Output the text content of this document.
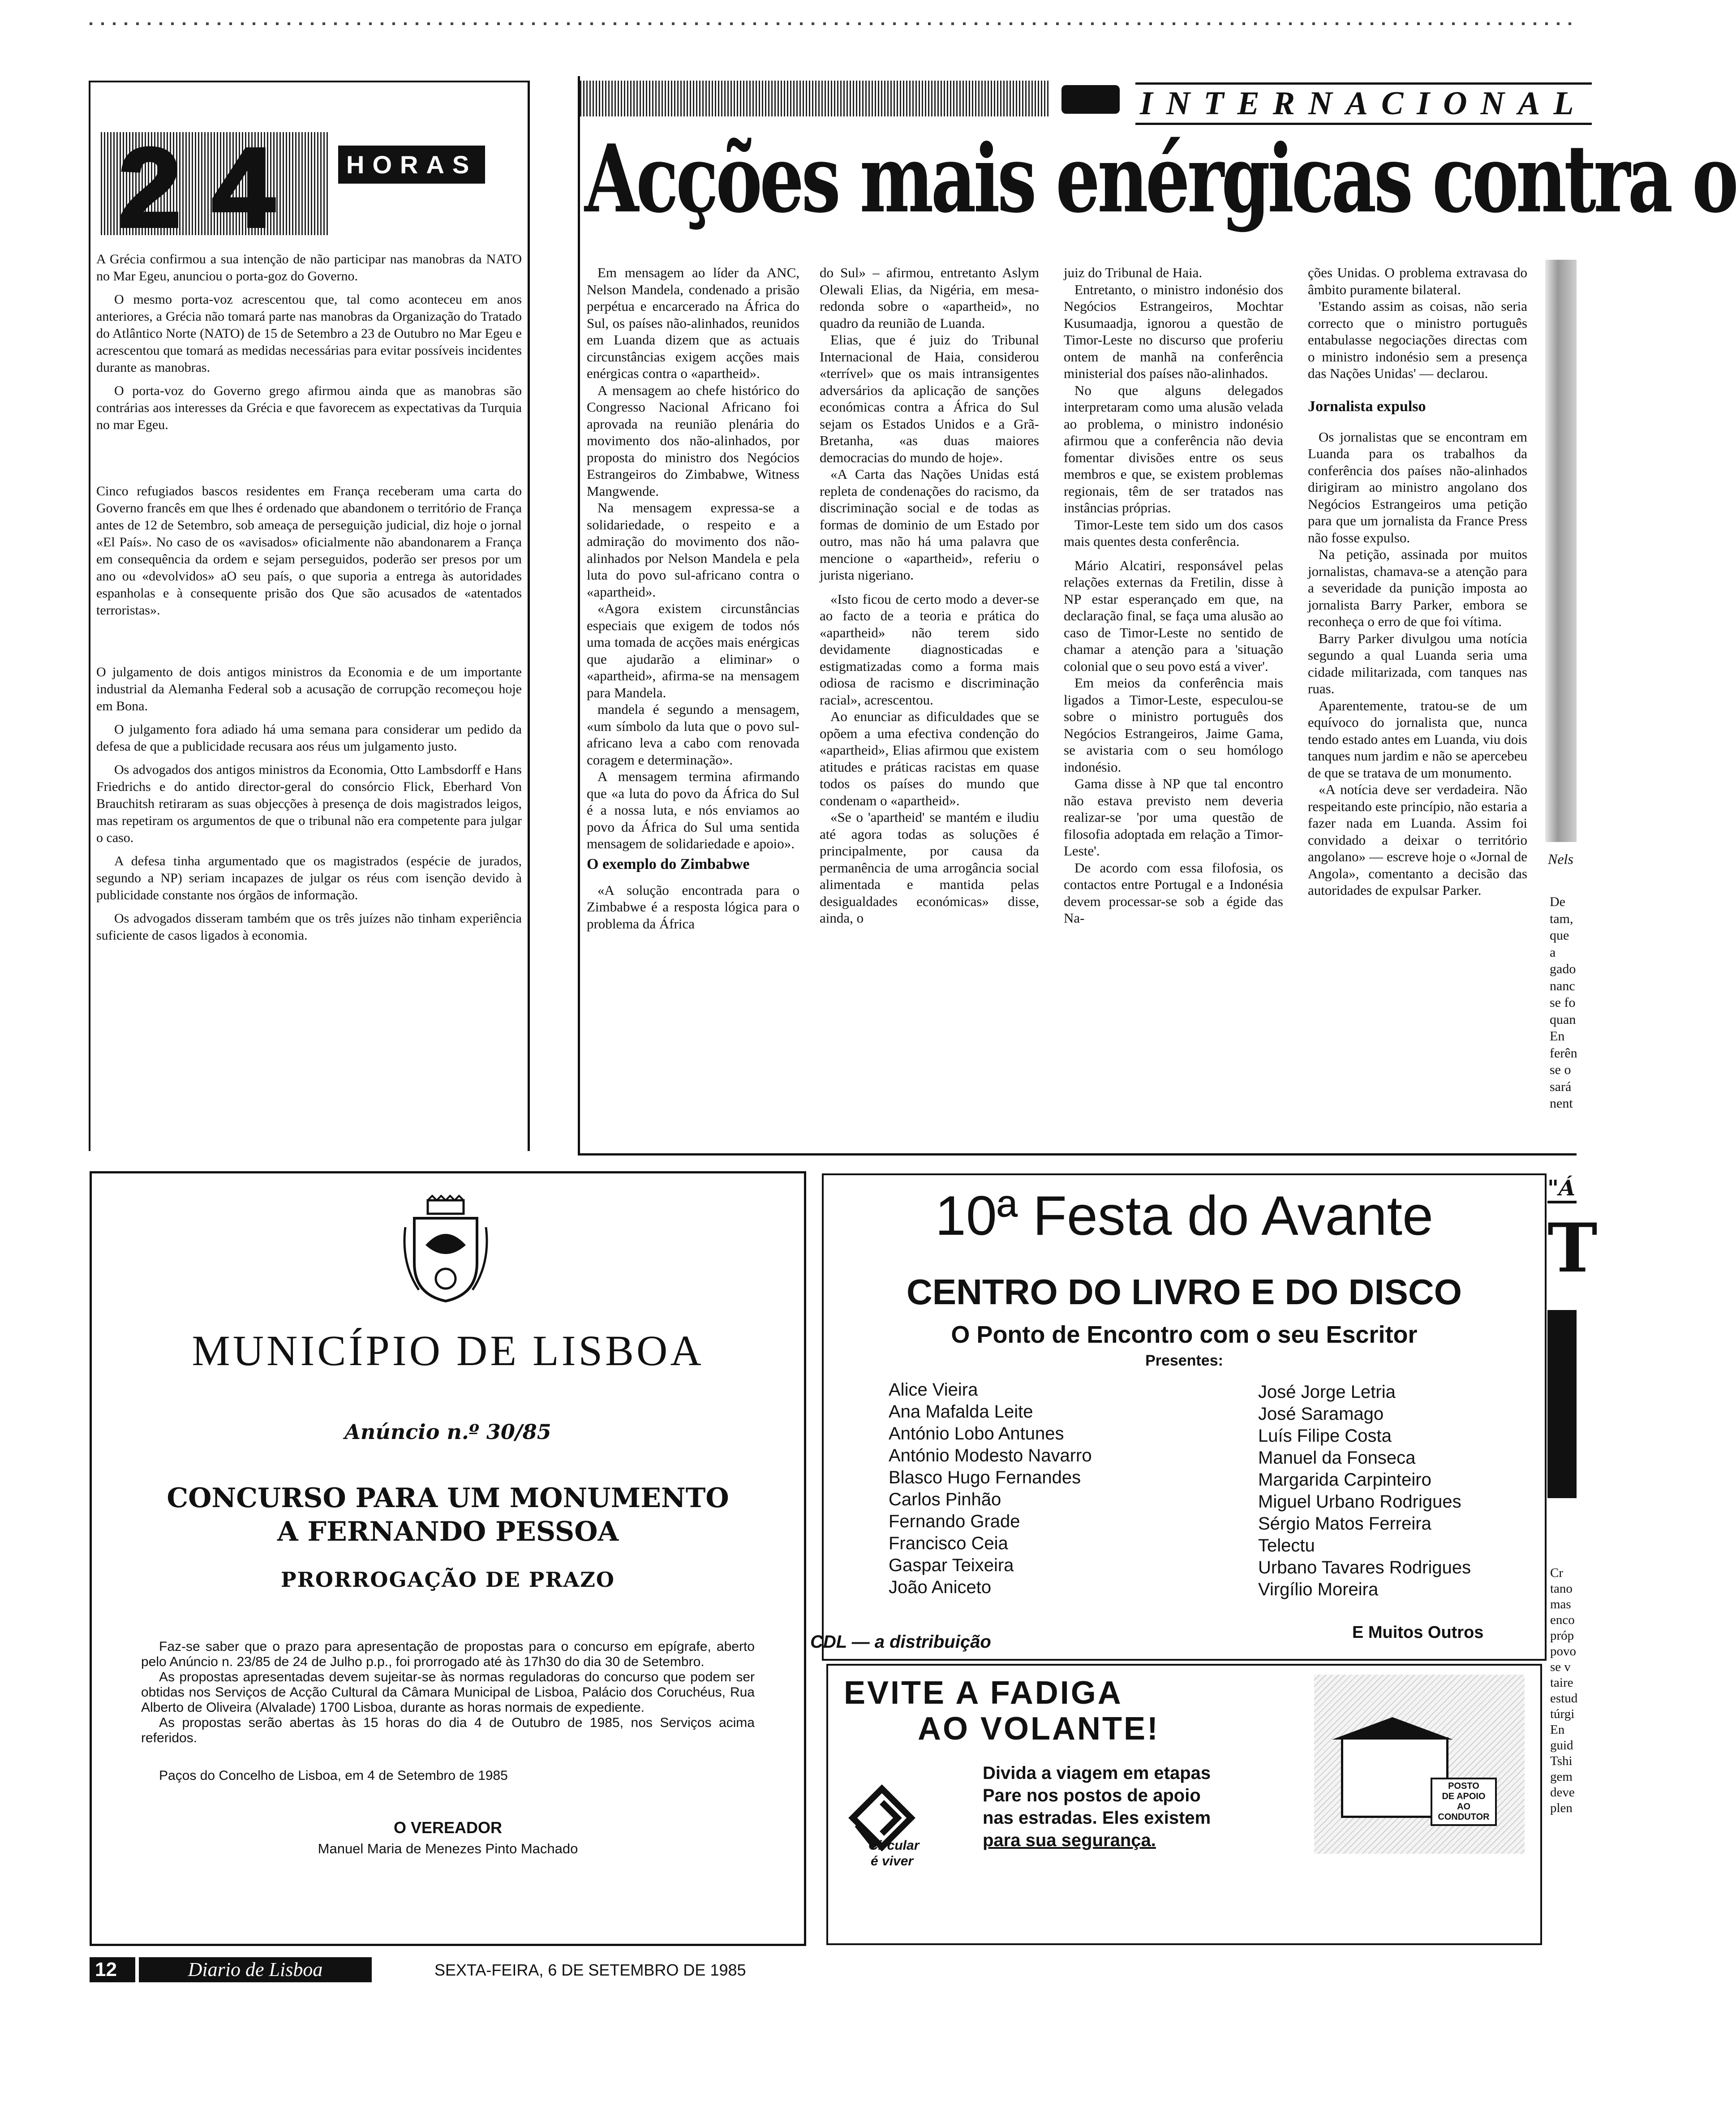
24	HORAS

A Grécia confirmou a sua intenção de não participar nas manobras da NATO no Mar Egeu, anunciou o porta-goz do Governo.

O mesmo porta-voz acrescentou que, tal como aconteceu em anos anteriores, a Grécia não tomará parte nas manobras da Organização do Tratado do Atlântico Norte (NATO) de 15 de Setembro a 23 de Outubro no Mar Egeu e acrescentou que tomará as medidas necessárias para evitar possíveis incidentes durante as manobras.

O porta-voz do Governo grego afirmou ainda que as manobras são contrárias aos interesses da Grécia e que favorecem as expectativas da Turquia no mar Egeu.

Cinco refugiados bascos residentes em França receberam uma carta do Governo francês em que lhes é ordenado que abandonem o território de França antes de 12 de Setembro, sob ameaça de perseguição judicial, diz hoje o jornal «El País». No caso de os «avisados» oficialmente não abandonarem a França em consequência da ordem e sejam perseguidos, poderão ser presos por um ano ou «devolvidos» aO seu país, o que suporia a entrega às autoridades espanholas e à consequente prisão dos Que são acusados de «atentados terroristas».

O julgamento de dois antigos ministros da Economia e de um importante industrial da Alemanha Federal sob a acusação de corrupção recomeçou hoje em Bona.

O julgamento fora adiado há uma semana para considerar um pedido da defesa de que a publicidade recusara aos réus um julgamento justo.

Os advogados dos antigos ministros da Economia, Otto Lambsdorff e Hans Friedrichs e do antido director-geral do consórcio Flick, Eberhard Von Brauchitsh retiraram as suas objecções à presença de dois magistrados leigos, mas repetiram os argumentos de que o tribunal não era competente para julgar o caso.

A defesa tinha argumentado que os magistrados (espécie de jurados, segundo a NP) seriam incapazes de julgar os réus com isenção devido à publicidade constante nos órgãos de informação.

Os advogados disseram também que os três juízes não tinham experiência suficiente de casos ligados à economia.

INTERNACIONAL
Acções mais enérgicas contra o

Em mensagem ao líder da ANC, Nelson Mandela, condenado a prisão perpétua e encarcerado na África do Sul, os países não-alinhados, reunidos em Luanda dizem que as actuais circunstâncias exigem acções mais enérgicas contra o «apartheid».

A mensagem ao chefe histórico do Congresso Nacional Africano foi aprovada na reunião plenária do movimento dos não-alinhados, por proposta do ministro dos Negócios Estrangeiros do Zimbabwe, Witness Mangwende.

Na mensagem expressa-se a solidariedade, o respeito e a admiração do movimento dos não-alinhados por Nelson Mandela e pela luta do povo sul-africano contra o «apartheid».

«Agora existem circunstâncias especiais que exigem de todos nós uma tomada de acções mais enérgicas que ajudarão a eliminar» o «apartheid», afirma-se na mensagem para Mandela.

mandela é segundo a mensagem, «um símbolo da luta que o povo sul-africano leva a cabo com renovada coragem e determinação».

A mensagem termina afirmando que «a luta do povo da África do Sul é a nossa luta, e nós enviamos ao povo da África do Sul uma sentida mensagem de solidariedade e apoio».

O exemplo do Zimbabwe

«A solução encontrada para o Zimbabwe é a resposta lógica para o problema da África

do Sul» – afirmou, entretanto Aslym Olewali Elias, da Nigéria, em mesa-redonda sobre o «apartheid», no quadro da reunião de Luanda.

Elias, que é juiz do Tribunal Internacional de Haia, considerou «terrível» que os mais intransigentes adversários da aplicação de sanções económicas contra a África do Sul sejam os Estados Unidos e a Grã-Bretanha, «as duas maiores democracias do mundo de hoje».

«A Carta das Nações Unidas está repleta de condenações do racismo, da discriminação social e de todas as formas de dominio de um Estado por outro, mas não há uma palavra que mencione o «apartheid», referiu o jurista nigeriano.

«Isto ficou de certo modo a dever-se ao facto de a teoria e prática do «apartheid» não terem sido devidamente diagnosticadas e estigmatizadas como a forma mais odiosa de racismo e discriminação racial», acrescentou.

Ao enunciar as dificuldades que se opõem a uma efectiva condenção do «apartheid», Elias afirmou que existem atitudes e práticas racistas em quase todos os países do mundo que condenam o «apartheid».

«Se o 'apartheid' se mantém e iludiu até agora todas as soluções é principalmente, por causa da permanência de uma arrogância social alimentada e mantida pelas desigualdades económicas» disse, ainda, o

juiz do Tribunal de Haia.

Entretanto, o ministro indonésio dos Negócios Estrangeiros, Mochtar Kusumaadja, ignorou a questão de Timor-Leste no discurso que proferiu ontem de manhã na conferência ministerial dos países não-alinhados.

No que alguns delegados interpretaram como uma alusão velada ao problema, o ministro indonésio afirmou que a conferência não devia fomentar divisões entre os seus membros e que, se existem problemas regionais, têm de ser tratados nas instâncias próprias.

Timor-Leste tem sido um dos casos mais quentes desta conferência.

Mário Alcatiri, responsável pelas relações externas da Fretilin, disse à NP estar esperançado em que, na declaração final, se faça uma alusão ao caso de Timor-Leste no sentido de chamar a atenção para a 'situação colonial que o seu povo está a viver'.

Em meios da conferência mais ligados a Timor-Leste, especulou-se sobre o ministro português dos Negócios Estrangeiros, Jaime Gama, se avistaria com o seu homólogo indonésio.

Gama disse à NP que tal encontro não estava previsto nem deveria realizar-se 'por uma questão de filosofia adoptada em relação a Timor-Leste'.

De acordo com essa filofosia, os contactos entre Portugal e a Indonésia devem processar-se sob a égide das Na-

ções Unidas. O problema extravasa do âmbito puramente bilateral.

'Estando assim as coisas, não seria correcto que o ministro português entabulasse negociações directas com o ministro indonésio sem a presença das Nações Unidas' — declarou.

Jornalista expulso

Os jornalistas que se encontram em Luanda para os trabalhos da conferência dos países não-alinhados dirigiram ao ministro angolano dos Negócios Estrangeiros uma petição para que um jornalista da France Press não fosse expulso.

Na petição, assinada por muitos jornalistas, chamava-se a atenção para a severidade da punição imposta ao jornalista Barry Parker, embora se reconheça o erro de que foi vítima.

Barry Parker divulgou uma notícia segundo a qual Luanda seria uma cidade militarizada, com tanques nas ruas.

Aparentemente, tratou-se de um equívoco do jornalista que, nunca tendo estado antes em Luanda, viu dois tanques num jardim e não se apercebeu de que se tratava de um monumento.

«A notícia deve ser verdadeira. Não respeitando este princípio, não estaria a fazer nada em Luanda. Assim foi convidado a deixar o território angolano» — escreve hoje o «Jornal de Angola», comentanto a decisão das autoridades de expulsar Parker.

Nels
De
tam,
que a
gado
nanc
se fo
quan
En
ferên
se o
sará
nent
MUNICÍPIO DE LISBOA
Anúncio n.º 30/85
CONCURSO PARA UM MONUMENTO
A FERNANDO PESSOA
PRORROGAÇÃO DE PRAZO

Faz-se saber que o prazo para apresentação de propostas para o concurso em epígrafe, aberto pelo Anúncio n. 23/85 de 24 de Julho p.p., foi prorrogado até às 17h30 do dia 30 de Setembro.

As propostas apresentadas devem sujeitar-se às normas reguladoras do concurso que podem ser obtidas nos Serviços de Acção Cultural da Câmara Municipal de Lisboa, Palácio dos Coruchéus, Rua Alberto de Oliveira (Alvalade) 1700 Lisboa, durante as horas normais de expediente.

As propostas serão abertas às 15 horas do dia 4 de Outubro de 1985, nos Serviços acima referidos.

Paços do Concelho de Lisboa, em 4 de Setembro de 1985

O VEREADOR
Manuel Maria de Menezes Pinto Machado
10ª Festa do Avante
CENTRO DO LIVRO E DO DISCO
O Ponto de Encontro com o seu Escritor
Presentes:
Alice Vieira
Ana Mafalda Leite
António Lobo Antunes
António Modesto Navarro
Blasco Hugo Fernandes
Carlos Pinhão
Fernando Grade
Francisco Ceia
Gaspar Teixeira
João Aniceto
José Jorge Letria
José Saramago
Luís Filipe Costa
Manuel da Fonseca
Margarida Carpinteiro
Miguel Urbano Rodrigues
Sérgio Matos Ferreira
Telectu
Urbano Tavares Rodrigues
Virgílio Moreira
E Muitos Outros
CDL — a distribuição
EVITE A FADIGA
AO VOLANTE!
Circular
é viver
Divida a viagem em etapas
Pare nos postos de apoio
nas estradas. Eles existem
para sua segurança.
POSTO
DE APOIO
AO CONDUTOR
"Á
T
Cr
tano
mas
enco
próp
povo
se v
taire
estud
túrgi
En
guid
Tshi
gem
deve
plen
12	Diario de Lisboa	SEXTA-FEIRA, 6 DE SETEMBRO DE 1985
